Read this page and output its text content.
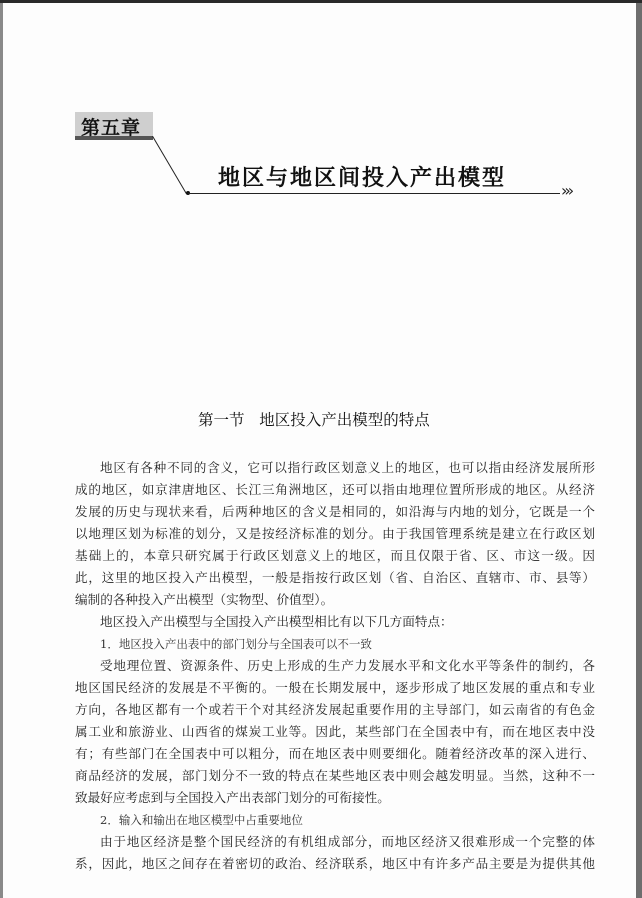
第五章
地区与地区间投入产出模型	›››
第一节   地区投入产出模型的特点
地区有各种不同的含义，它可以指行政区划意义上的地区，也可以指由经济发展所形
成的地区，如京津唐地区、长江三角洲地区，还可以指由地理位置所形成的地区。从经济
发展的历史与现状来看，后两种地区的含义是相同的，如沿海与内地的划分，它既是一个
以地理区划为标准的划分，又是按经济标准的划分。由于我国管理系统是建立在行政区划
基础上的，本章只研究属于行政区划意义上的地区，而且仅限于省、区、市这一级。因
此，这里的地区投入产出模型，一般是指按行政区划（省、自治区、直辖市、市、县等）
编制的各种投入产出模型（实物型、价值型）。
地区投入产出模型与全国投入产出模型相比有以下几方面特点：
1．地区投入产出表中的部门划分与全国表可以不一致
受地理位置、资源条件、历史上形成的生产力发展水平和文化水平等条件的制约，各
地区国民经济的发展是不平衡的。一般在长期发展中，逐步形成了地区发展的重点和专业
方向，各地区都有一个或若干个对其经济发展起重要作用的主导部门，如云南省的有色金
属工业和旅游业、山西省的煤炭工业等。因此，某些部门在全国表中有，而在地区表中没
有；有些部门在全国表中可以粗分，而在地区表中则要细化。随着经济改革的深入进行、
商品经济的发展，部门划分不一致的特点在某些地区表中则会越发明显。当然，这种不一
致最好应考虑到与全国投入产出表部门划分的可衔接性。
2．输入和输出在地区模型中占重要地位
由于地区经济是整个国民经济的有机组成部分，而地区经济又很难形成一个完整的体
系，因此，地区之间存在着密切的政治、经济联系，地区中有许多产品主要是为提供其他
